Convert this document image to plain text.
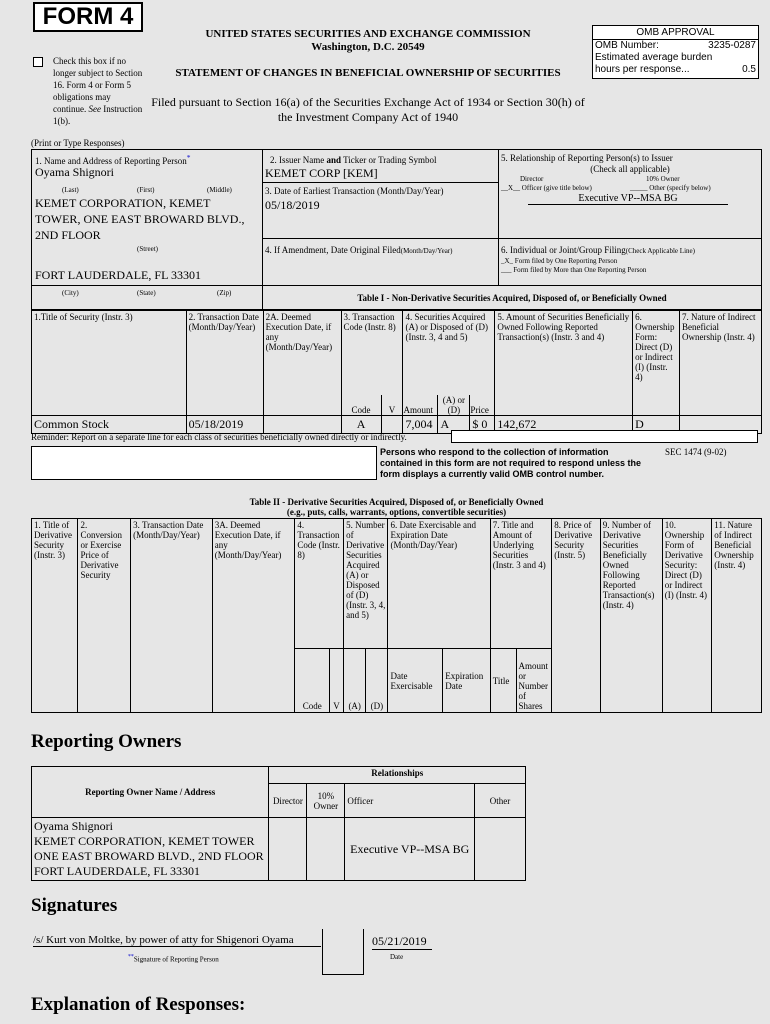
FORM 4
Check this box if no longer subject to Section 16. Form 4 or Form 5 obligations may continue. See Instruction 1(b).
UNITED STATES SECURITIES AND EXCHANGE COMMISSION
Washington, D.C. 20549
STATEMENT OF CHANGES IN BENEFICIAL OWNERSHIP OF SECURITIES
Filed pursuant to Section 16(a) of the Securities Exchange Act of 1934 or Section 30(h) of
the Investment Company Act of 1940
OMB APPROVAL
OMB Number:	3235-0287
Estimated average burden
hours per response...	0.5
(Print or Type Responses)
1. Name and Address of Reporting Person*
Oyama Shignori
(Last)	(First)	(Middle)
KEMET CORPORATION, KEMET
TOWER, ONE EAST BROWARD BLVD.,
2ND FLOOR
(Street)
FORT LAUDERDALE, FL 33301
(City)	(State)	(Zip)
2. Issuer Name and Ticker or Trading Symbol
KEMET CORP [KEM]
3. Date of Earliest Transaction (Month/Day/Year)
05/18/2019
4. If Amendment, Date Original Filed(Month/Day/Year)
5. Relationship of Reporting Person(s) to Issuer
(Check all applicable)
Director	10% Owner
__X__ Officer (give title below)	_____ Other (specify below)
Executive VP--MSA BG
6. Individual or Joint/Group Filing(Check Applicable Line)
_X_ Form filed by One Reporting Person
___ Form filed by More than One Reporting Person
Table I - Non-Derivative Securities Acquired, Disposed of, or Beneficially Owned
1.Title of Security (Instr. 3)	2. Transaction Date (Month/Day/Year)	2A. Deemed Execution Date, if any (Month/Day/Year)	3. Transaction Code (Instr. 8)		4. Securities Acquired (A) or Disposed of (D) (Instr. 3, 4 and 5)			5. Amount of Securities Beneficially Owned Following Reported Transaction(s) (Instr. 3 and 4)	6. Ownership Form: Direct (D) or Indirect (I) (Instr. 4)	7. Nature of Indirect Beneficial Ownership (Instr. 4)
			Code	V	Amount	(A) or (D)	Price			
Common Stock	05/18/2019		A		7,004	A	$ 0	142,672	D	
Reminder: Report on a separate line for each class of securities beneficially owned directly or indirectly.
Persons who respond to the collection of information contained in this form are not required to respond unless the form displays a currently valid OMB control number.
SEC 1474 (9-02)
Table II - Derivative Securities Acquired, Disposed of, or Beneficially Owned
(e.g., puts, calls, warrants, options, convertible securities)
1. Title of Derivative Security (Instr. 3)	2. Conversion or Exercise Price of Derivative Security	3. Transaction Date (Month/Day/Year)	3A. Deemed Execution Date, if any (Month/Day/Year)	4. Transaction Code (Instr. 8)		5. Number of Derivative Securities Acquired (A) or Disposed of (D) (Instr. 3, 4, and 5)		6. Date Exercisable and Expiration Date (Month/Day/Year)		7. Title and Amount of Underlying Securities (Instr. 3 and 4)		8. Price of Derivative Security (Instr. 5)	9. Number of Derivative Securities Beneficially Owned Following Reported Transaction(s) (Instr. 4)	10. Ownership Form of Derivative Security: Direct (D) or Indirect (I) (Instr. 4)	11. Nature of Indirect Beneficial Ownership (Instr. 4)
				Code	V	(A)	(D)	Date Exercisable	Expiration Date	Title	Amount or Number of Shares				
Reporting Owners
Reporting Owner Name / Address	Relationships			
	Director	10% Owner	Officer	Other

Oyama Shignori
KEMET CORPORATION, KEMET TOWER
ONE EAST BROWARD BLVD., 2ND FLOOR
FORT LAUDERDALE, FL 33301			Executive VP--MSA BG	
Signatures
/s/ Kurt von Moltke, by power of atty for Shigenori Oyama	05/21/2019
**Signature of Reporting Person	Date
Explanation of Responses:
